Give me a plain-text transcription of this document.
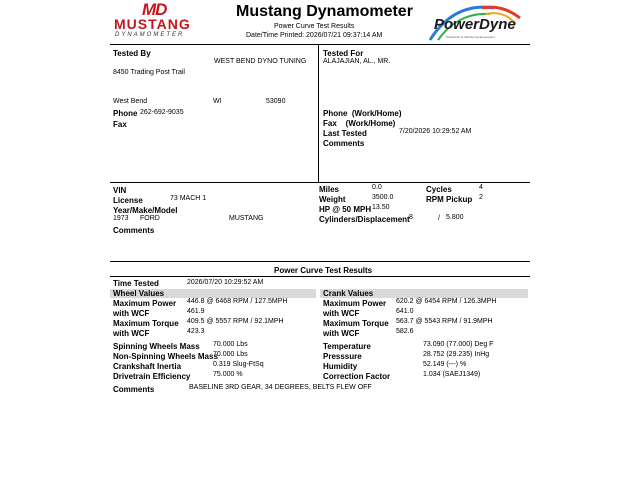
MD
MUSTANG
DYNAMOMETER
Mustang Dynamometer
Power Curve Test Results
Date/Time Printed: 2026/07/21 09:37:14 AM
PowerDyne
Powertrain & Vehicle Dynamometers
Tested By
WEST BEND DYNO TUNING
8450 Trading Post Trail
West Bend	WI	53090
Phone 262-692-9035
Fax
Tested For
ALAJAJIAN, AL., MR.
Phone  (Work/Home)
Fax    (Work/Home)
Last Tested	7/20/2026 10:29:52 AM
Comments
VIN
License	73 MACH 1
Year/Make/Model
1973 FORD	MUSTANG
Comments
Miles	0.0
Weight	3500.0
HP @ 50 MPH 13.50
Cylinders/Displacement 8	/ 5.800
Cycles	4
RPM Pickup 2
Power Curve Test Results
Time Tested	2026/07/20 10:29:52 AM
Wheel Values	Crank Values
Maximum Power 446.8 @ 6468 RPM / 127.5MPH
with WCF	461.9
Maximum Torque 409.5 @ 5557 RPM / 92.1MPH
with WCF	423.3
Maximum Power 620.2 @ 6454 RPM / 126.3MPH
with WCF	641.0
Maximum Torque 563.7 @ 5543 RPM / 91.9MPH
with WCF	582.6
Spinning Wheels Mass 70.000 Lbs
Non-Spinning Wheels Mass
70.000 Lbs
Crankshaft Inertia	0.319 Slug-FtSq
Drivetrain Efficiency	75.000 %
Temperature	73.090 (77.000) Deg F
Presssure	28.752 (29.235) InHg
Humidity	52.149 (---) %
Correction Factor	1.034 (SAEJ1349)
Comments	BASELINE 3RD GEAR, 34 DEGREES, BELTS FLEW OFF
